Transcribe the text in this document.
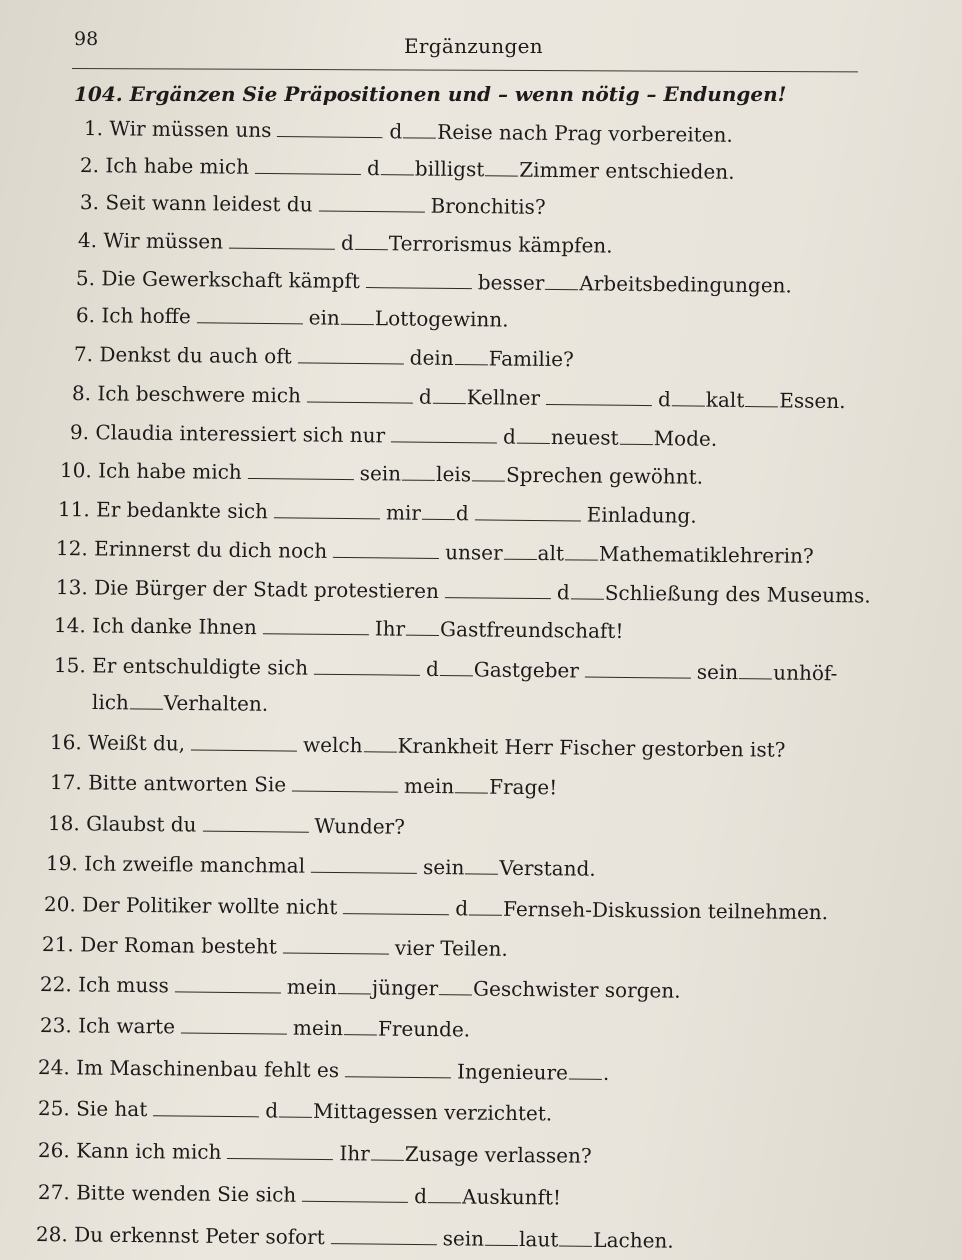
98	Ergänzungen
104. Ergänzen Sie Präpositionen und – wenn nötig – Endungen!
1. Wir müssen uns	d Reise nach Prag vorbereiten.
2. Ich habe mich	d billigst Zimmer entschieden.
3. Seit wann leidest du	Bronchitis?
4. Wir müssen	d Terrorismus kämpfen.
5. Die Gewerkschaft kämpft	besser Arbeitsbedingungen.
6. Ich hoffe	ein Lottogewinn.
7. Denkst du auch oft	dein Familie?
8. Ich beschwere mich	d Kellner	d kalt Essen.
9. Claudia interessiert sich nur	d neuest Mode.
10. Ich habe mich	sein leis Sprechen gewöhnt.
11. Er bedankte sich	mir d	Einladung.
12. Erinnerst du dich noch	unser alt Mathematiklehrerin?
13. Die Bürger der Stadt protestieren	d Schließung des Museums.
14. Ich danke Ihnen	Ihr Gastfreundschaft!
15. Er entschuldigte sich	d Gastgeber	sein unhöf-
lich Verhalten.
16. Weißt du,	welch Krankheit Herr Fischer gestorben ist?
17. Bitte antworten Sie	mein Frage!
18. Glaubst du	Wunder?
19. Ich zweifle manchmal	sein Verstand.
20. Der Politiker wollte nicht	d Fernseh-Diskussion teilnehmen.
21. Der Roman besteht	vier Teilen.
22. Ich muss	mein jünger Geschwister sorgen.
23. Ich warte	mein Freunde.
24. Im Maschinenbau fehlt es	Ingenieure .
25. Sie hat	d Mittagessen verzichtet.
26. Kann ich mich	Ihr Zusage verlassen?
27. Bitte wenden Sie sich	d Auskunft!
28. Du erkennst Peter sofort	sein laut Lachen.
